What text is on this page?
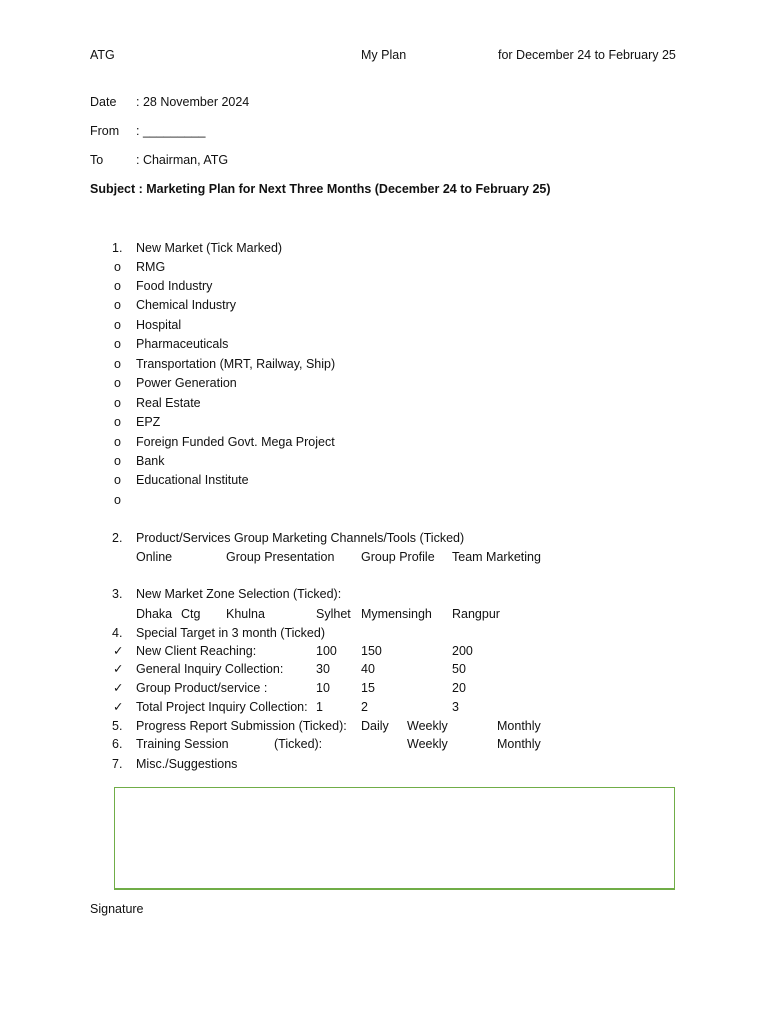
ATG	My Plan	for December 24 to February 25
Date : 28 November 2024
From : _________
To	: Chairman, ATG
Subject : Marketing Plan for Next Three Months (December 24 to February 25)
1. New Market (Tick Marked)
o RMG
o Food Industry
o Chemical Industry
o Hospital
o Pharmaceuticals
o Transportation (MRT, Railway, Ship)
o Power Generation
o Real Estate
o EPZ
o Foreign Funded Govt. Mega Project
o Bank
o Educational Institute
o
2. Product/Services Group Marketing Channels/Tools (Ticked)
Online	Group Presentation Group Profile Team Marketing
3. New Market Zone Selection (Ticked):
Dhaka Ctg Khulna	Sylhet Mymensingh Rangpur
4. Special Target in 3 month (Ticked)
✓ New Client Reaching:	100 150	200
✓ General Inquiry Collection:	30 40	50
✓ Group Product/service :	10 15	20
✓ Total Project Inquiry Collection: 1	2	3
5. Progress Report Submission (Ticked): Daily Weekly	Monthly
6. Training Session	(Ticked):	Weekly	Monthly
7. Misc./Suggestions
Signature
